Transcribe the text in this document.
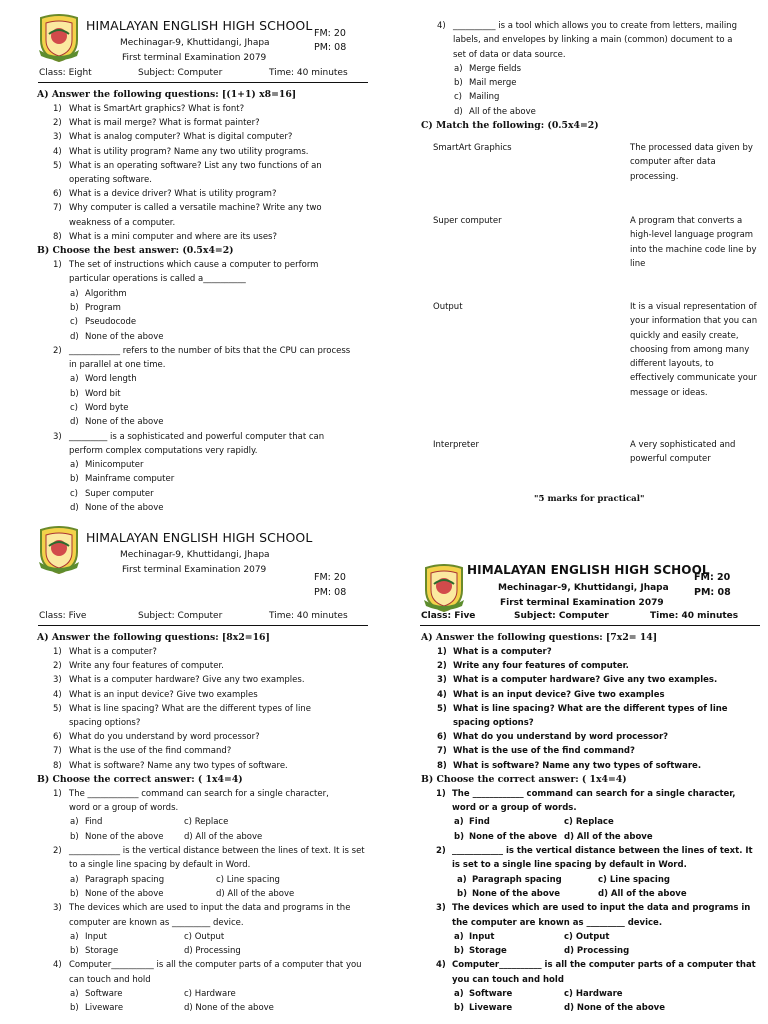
HIMALAYAN ENGLISH HIGH SCHOOL
Mechinagar-9, Khuttidangi, Jhapa
First terminal Examination 2079
FM: 20
PM: 08
Class: Eight	Subject: Computer	Time: 40 minutes
A) Answer the following questions: [(1+1) x8=16]
1) What is SmartArt graphics? What is font?
2) What is mail merge? What is format painter?
3) What is analog computer? What is digital computer?
4) What is utility program? Name any two utility programs.
5) What is an operating software? List any two functions of an operating software.
6) What is a device driver? What is utility program?
7) Why computer is called a versatile machine? Write any two weakness of a computer.
8) What is a mini computer and where are its uses?
B) Choose the best answer: (0.5x4=2)
1) The set of instructions which cause a computer to perform particular operations is called a__________
a) Algorithm
b) Program
c) Pseudocode
d) None of the above
2) ____________ refers to the number of bits that the CPU can process in parallel at one time.
a) Word length
b) Word bit
c) Word byte
d) None of the above
3) _________ is a sophisticated and powerful computer that can perform complex computations very rapidly.
a) Minicomputer
b) Mainframe computer
c) Super computer
d) None of the above
4) __________ is a tool which allows you to create from letters, mailing labels, and envelopes by linking a main (common) document to a set of data or data source.
a) Merge fields
b) Mail merge
c) Mailing
d) All of the above
C) Match the following: (0.5x4=2)
SmartArt Graphics	The processed data given by computer after data processing.
Super computer	A program that converts a high-level language program into the machine code line by line
Output	It is a visual representation of your information that you can quickly and easily create, choosing from among many different layouts, to effectively communicate your message or ideas.
Interpreter	A very sophisticated and powerful computer
"5 marks for practical"
HIMALAYAN ENGLISH HIGH SCHOOL
Mechinagar-9, Khuttidangi, Jhapa
First terminal Examination 2079
FM: 20
PM: 08
Class: Five	Subject: Computer	Time: 40 minutes
A) Answer the following questions: [8x2=16]
1) What is a computer?
2) Write any four features of computer.
3) What is a computer hardware? Give any two examples.
4) What is an input device? Give two examples
5) What is line spacing? What are the different types of line spacing options?
6) What do you understand by word processor?
7) What is the use of the find command?
8) What is software? Name any two types of software.
B) Choose the correct answer: ( 1x4=4)
1) The ____________ command can search for a single character, word or a group of words.
a) Find	c) Replace
b) None of the above d) All of the above
2) ____________ is the vertical distance between the lines of text. It is set to a single line spacing by default in Word.
a) Paragraph spacing	c) Line spacing
b) None of the above	d) All of the above
3) The devices which are used to input the data and programs in the computer are known as _________ device.
a) Input	c) Output
b) Storage	d) Processing
4) Computer__________ is all the computer parts of a computer that you can touch and hold
a) Software	c) Hardware
b) Liveware	d) None of the above
HIMALAYAN ENGLISH HIGH SCHOOL
Mechinagar-9, Khuttidangi, Jhapa
First terminal Examination 2079
FM: 20
PM: 08
Class: Five	Subject: Computer	Time: 40 minutes
A) Answer the following questions: [7x2= 14]
1) What is a computer?
2) Write any four features of computer.
3) What is a computer hardware? Give any two examples.
4) What is an input device? Give two examples
5) What is line spacing? What are the different types of line spacing options?
6) What do you understand by word processor?
7) What is the use of the find command?
8) What is software? Name any two types of software.
B) Choose the correct answer: ( 1x4=4)
1) The ____________ command can search for a single character, word or a group of words.
a) Find	c) Replace
b) None of the above d) All of the above
2) ____________ is the vertical distance between the lines of text. It is set to a single line spacing by default in Word.
a) Paragraph spacing	c) Line spacing
b) None of the above	d) All of the above
3) The devices which are used to input the data and programs in the computer are known as _________ device.
a) Input	c) Output
b) Storage	d) Processing
4) Computer__________ is all the computer parts of a computer that you can touch and hold
a) Software	c) Hardware
b) Liveware	d) None of the above
